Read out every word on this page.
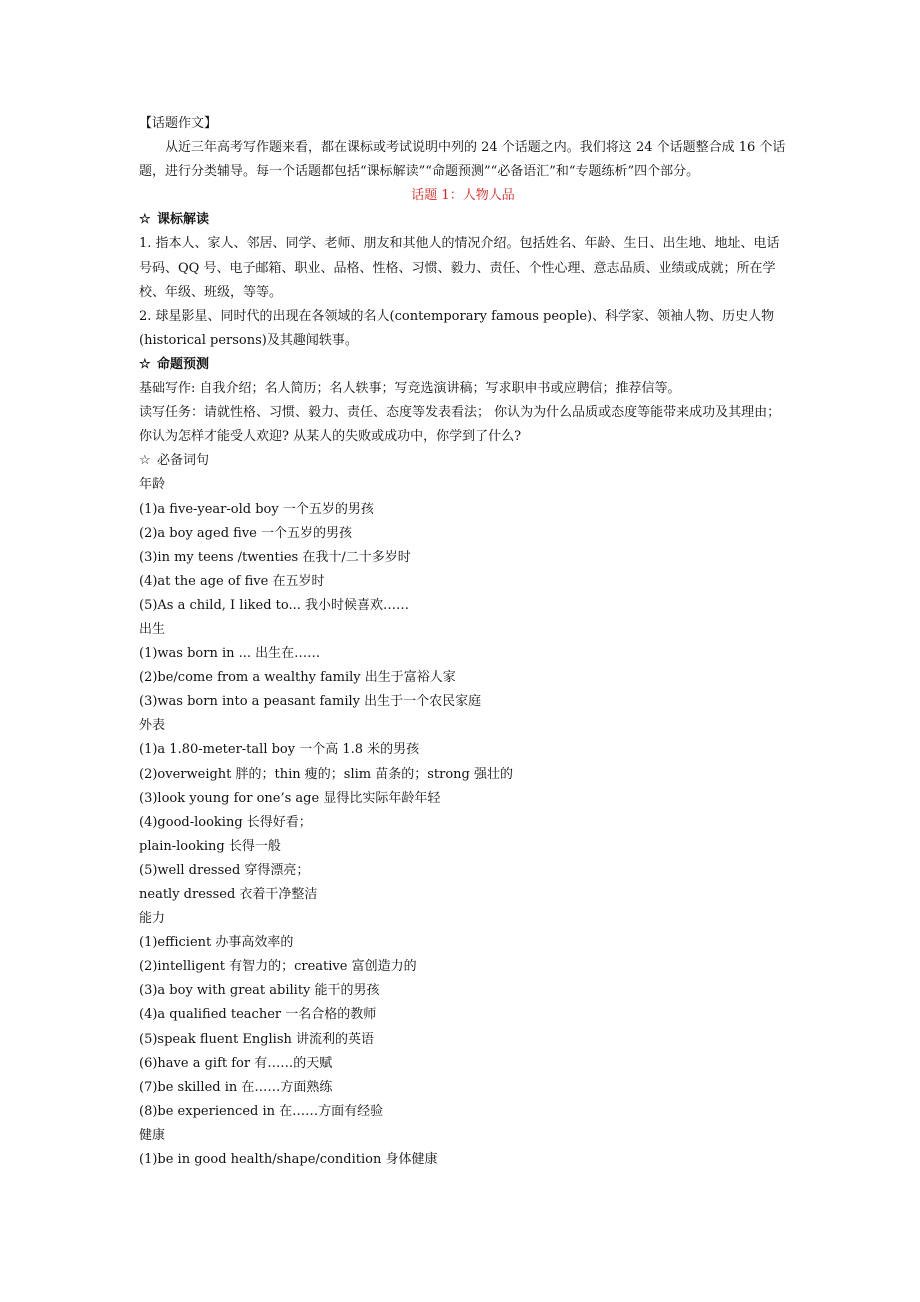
【话题作文】
从近三年高考写作题来看，都在课标或考试说明中列的 24 个话题之内。我们将这 24 个话题整合成 16 个话题，进行分类辅导。每一个话题都包括“课标解读”“命题预测”“必备语汇”和“专题练析”四个部分。
话题 1：人物人品
☆ 课标解读
1. 指本人、家人、邻居、同学、老师、朋友和其他人的情况介绍。包括姓名、年龄、生日、出生地、地址、电话号码、QQ 号、电子邮箱、职业、品格、性格、习惯、毅力、责任、个性心理、意志品质、业绩或成就；所在学校、年级、班级，等等。
2. 球星影星、同时代的出现在各领域的名人(contemporary famous people)、科学家、领袖人物、历史人物(historical persons)及其趣闻轶事。
☆ 命题预测
基础写作: 自我介绍；名人简历；名人轶事；写竞选演讲稿；写求职申书或应聘信；推荐信等。
读写任务：请就性格、习惯、毅力、责任、态度等发表看法； 你认为为什么品质或态度等能带来成功及其理由；你认为怎样才能受人欢迎? 从某人的失败或成功中，你学到了什么?
☆ 必备词句
年龄
(1)a five-year-old boy 一个五岁的男孩
(2)a boy aged five 一个五岁的男孩
(3)in my teens /twenties 在我十/二十多岁时
(4)at the age of five 在五岁时
(5)As a child, I liked to... 我小时候喜欢……
出生
(1)was born in ... 出生在……
(2)be/come from a wealthy family 出生于富裕人家
(3)was born into a peasant family 出生于一个农民家庭
外表
(1)a 1.80-meter-tall boy 一个高 1.8 米的男孩
(2)overweight 胖的；thin 瘦的；slim 苗条的；strong 强壮的
(3)look young for one’s age 显得比实际年龄年轻
(4)good-looking 长得好看；
plain-looking 长得一般
(5)well dressed 穿得漂亮；
neatly dressed 衣着干净整洁
能力
(1)efficient 办事高效率的
(2)intelligent 有智力的；creative 富创造力的
(3)a boy with great ability 能干的男孩
(4)a qualified teacher 一名合格的教师
(5)speak fluent English 讲流利的英语
(6)have a gift for 有……的天赋
(7)be skilled in 在……方面熟练
(8)be experienced in 在……方面有经验
健康
(1)be in good health/shape/condition 身体健康
